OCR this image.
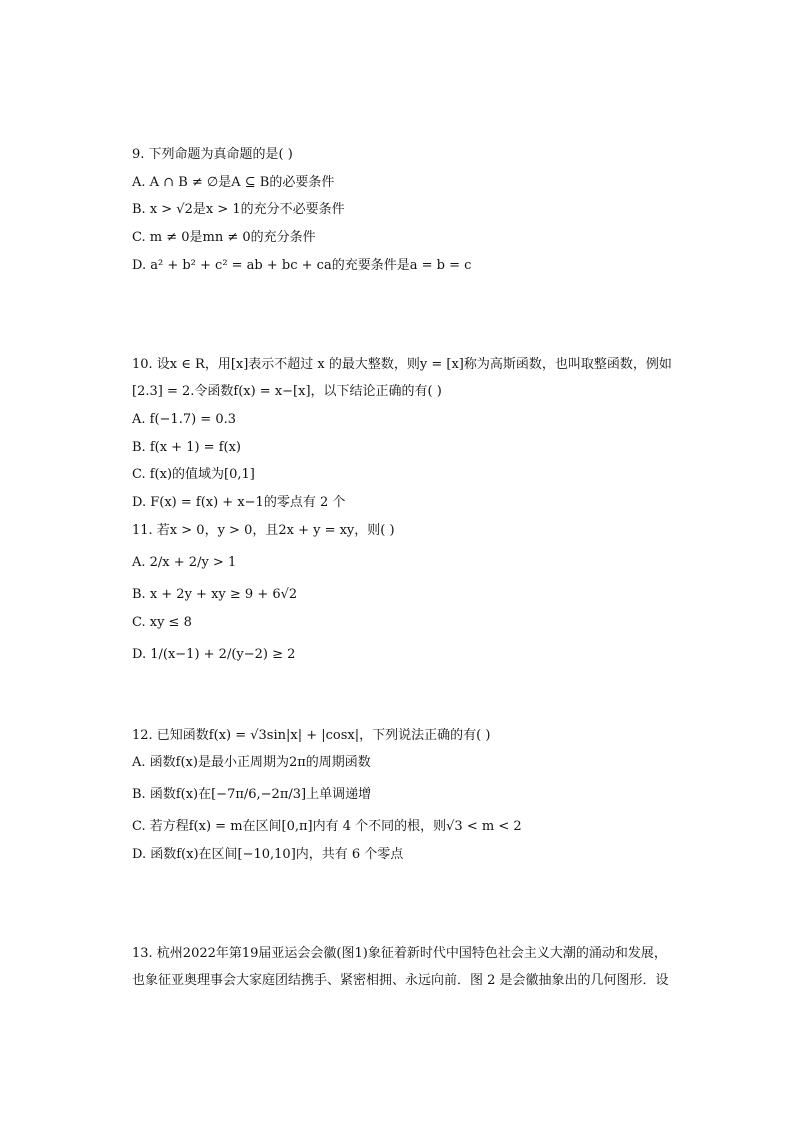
9. 下列命题为真命题的是( )
A. A ∩ B ≠ ∅是A ⊆ B的必要条件
B. x > √2是x > 1的充分不必要条件
C. m ≠ 0是mn ≠ 0的充分条件
D. a² + b² + c² = ab + bc + ca的充要条件是a = b = c
10. 设x ∈ R，用[x]表示不超过 x 的最大整数，则y = [x]称为高斯函数，也叫取整函数，例如
[2.3] = 2.令函数f(x) = x−[x]，以下结论正确的有( )
A. f(−1.7) = 0.3
B. f(x + 1) = f(x)
C. f(x)的值域为[0,1]
D. F(x) = f(x) + x−1的零点有 2 个
11. 若x > 0，y > 0，且2x + y = xy，则( )
A. 2/x + 2/y > 1
B. x + 2y + xy ≥ 9 + 6√2
C. xy ≤ 8
D. 1/(x−1) + 2/(y−2) ≥ 2
12. 已知函数f(x) = √3sin|x| + |cosx|，下列说法正确的有( )
A. 函数f(x)是最小正周期为2π的周期函数
B. 函数f(x)在[−7π/6,−2π/3]上单调递增
C. 若方程f(x) = m在区间[0,π]内有 4 个不同的根，则√3 < m < 2
D. 函数f(x)在区间[−10,10]内，共有 6 个零点
13. 杭州2022年第19届亚运会会徽(图1)象征着新时代中国特色社会主义大潮的涌动和发展，
也象征亚奥理事会大家庭团结携手、紧密相拥、永远向前．图 2 是会徽抽象出的几何图形．设
